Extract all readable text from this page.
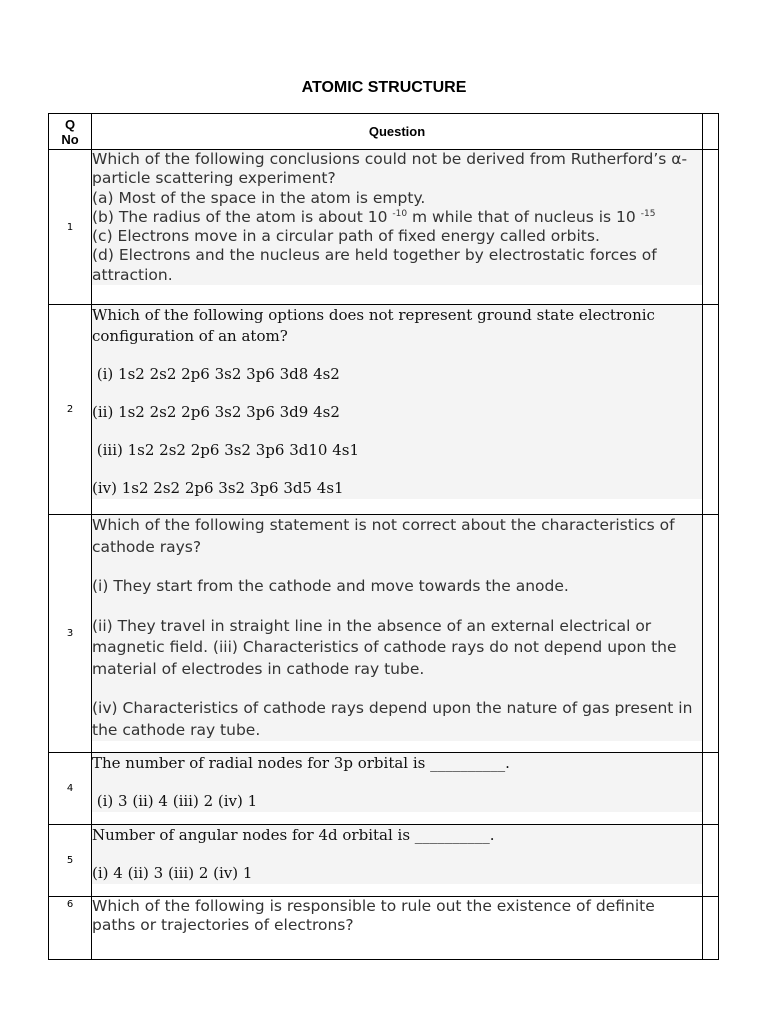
ATOMIC STRUCTURE
Q
No	Question	
1	Which of the following conclusions could not be derived from Rutherford’s α-particle scattering experiment?
(a) Most of the space in the atom is empty.
(b) The radius of the atom is about 10 $^{-10}$ m while that of nucleus is 10 $^{-15}$
(c) Electrons move in a circular path of fixed energy called orbits.
(d) Electrons and the nucleus are held together by electrostatic forces of attraction.	

2	Which of the following options does not represent ground state electronic configuration of an atom?
(i) 1s2 2s2 2p6 3s2 3p6 3d8 4s2
(ii) 1s2 2s2 2p6 3s2 3p6 3d9 4s2
(iii) 1s2 2s2 2p6 3s2 3p6 3d10 4s1
(iv) 1s2 2s2 2p6 3s2 3p6 3d5 4s1	

3	Which of the following statement is not correct about the characteristics of cathode rays?
(i) They start from the cathode and move towards the anode.
(ii) They travel in straight line in the absence of an external electrical or magnetic field. (iii) Characteristics of cathode rays do not depend upon the material of electrodes in cathode ray tube.
(iv) Characteristics of cathode rays depend upon the nature of gas present in the cathode ray tube.	

4	The number of radial nodes for 3p orbital is __________.
(i) 3 (ii) 4 (iii) 2 (iv) 1	

5	Number of angular nodes for 4d orbital is __________.
(i) 4 (ii) 3 (iii) 2 (iv) 1	

6	Which of the following is responsible to rule out the existence of definite paths or trajectories of electrons?	
